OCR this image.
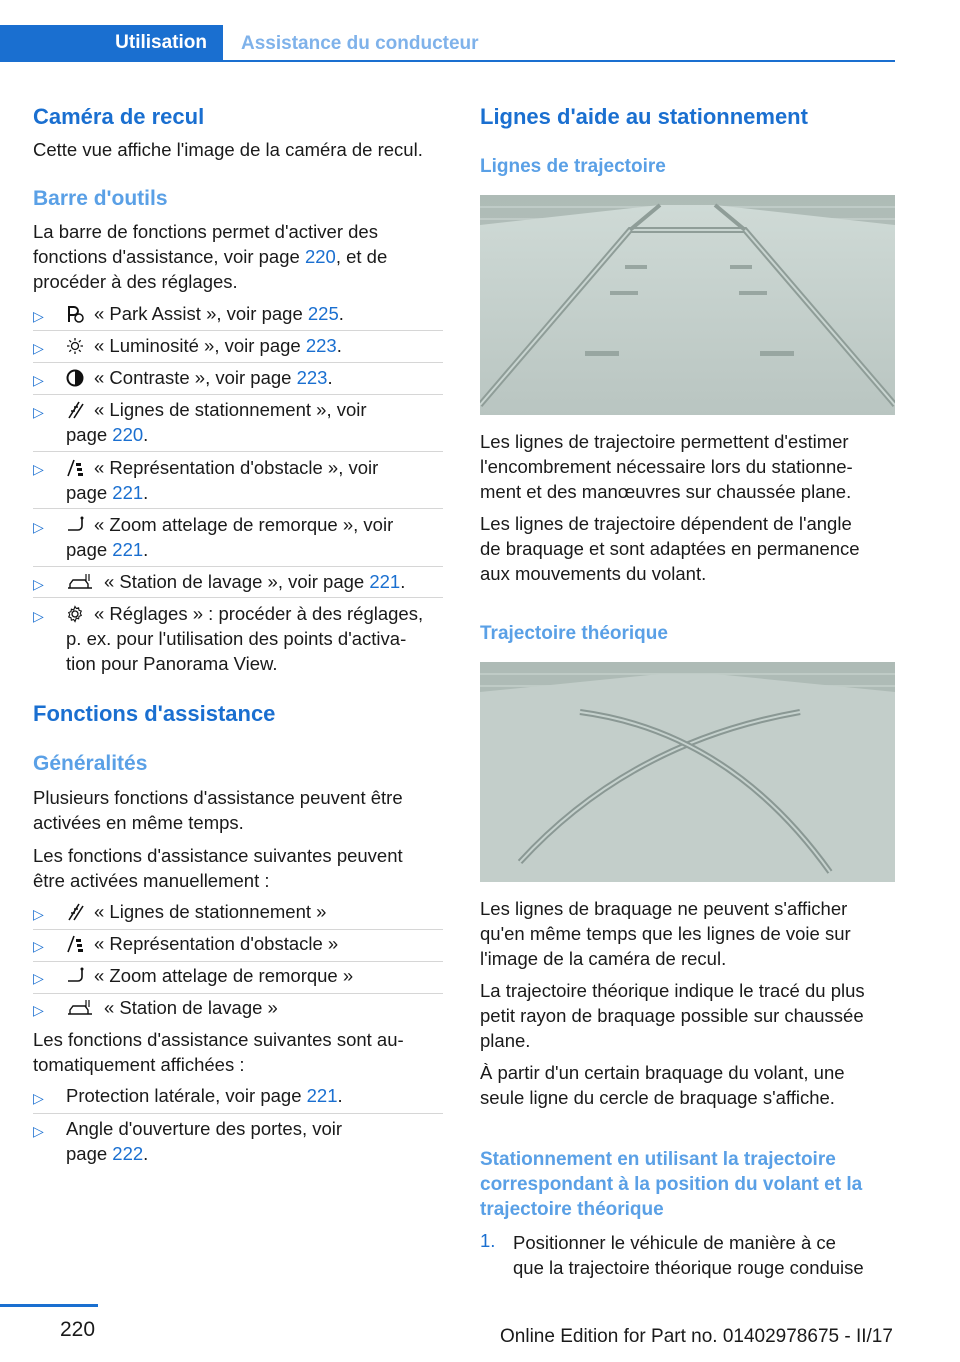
Utilisation Assistance du conducteur
Caméra de recul
Cette vue affiche l'image de la caméra de recul.
Barre d'outils
La barre de fonctions permet d'activer des
fonctions d'assistance, voir page 220, et de
procéder à des réglages.
▷	« Park Assist », voir page 225.
▷	« Luminosité », voir page 223.
▷	« Contraste », voir page 223.
▷	« Lignes de stationnement », voir
page 220.
▷	« Représentation d'obstacle », voir
page 221.
▷	« Zoom attelage de remorque », voir
page 221.
▷	« Station de lavage », voir page 221.
▷	« Réglages » : procéder à des réglages,
p. ex. pour l'utilisation des points d'activa‐
tion pour Panorama View.
Fonctions d'assistance
Généralités
Plusieurs fonctions d'assistance peuvent être
activées en même temps.
Les fonctions d'assistance suivantes peuvent
être activées manuellement :
▷	« Lignes de stationnement »
▷	« Représentation d'obstacle »
▷	« Zoom attelage de remorque »
▷	« Station de lavage »
Les fonctions d'assistance suivantes sont au‐
tomatiquement affichées :
▷ Protection latérale, voir page 221.
▷ Angle d'ouverture des portes, voir
page 222.
Lignes d'aide au stationnement
Lignes de trajectoire
Les lignes de trajectoire permettent d'estimer
l'encombrement nécessaire lors du stationne‐
ment et des manœuvres sur chaussée plane.
Les lignes de trajectoire dépendent de l'angle
de braquage et sont adaptées en permanence
aux mouvements du volant.
Trajectoire théorique
Les lignes de braquage ne peuvent s'afficher
qu'en même temps que les lignes de voie sur
l'image de la caméra de recul.
La trajectoire théorique indique le tracé du plus
petit rayon de braquage possible sur chaussée
plane.
À partir d'un certain braquage du volant, une
seule ligne du cercle de braquage s'affiche.
Stationnement en utilisant la trajectoire
correspondant à la position du volant et la
trajectoire théorique
1. Positionner le véhicule de manière à ce
que la trajectoire théorique rouge conduise
220	Online Edition for Part no. 01402978675 - II/17
